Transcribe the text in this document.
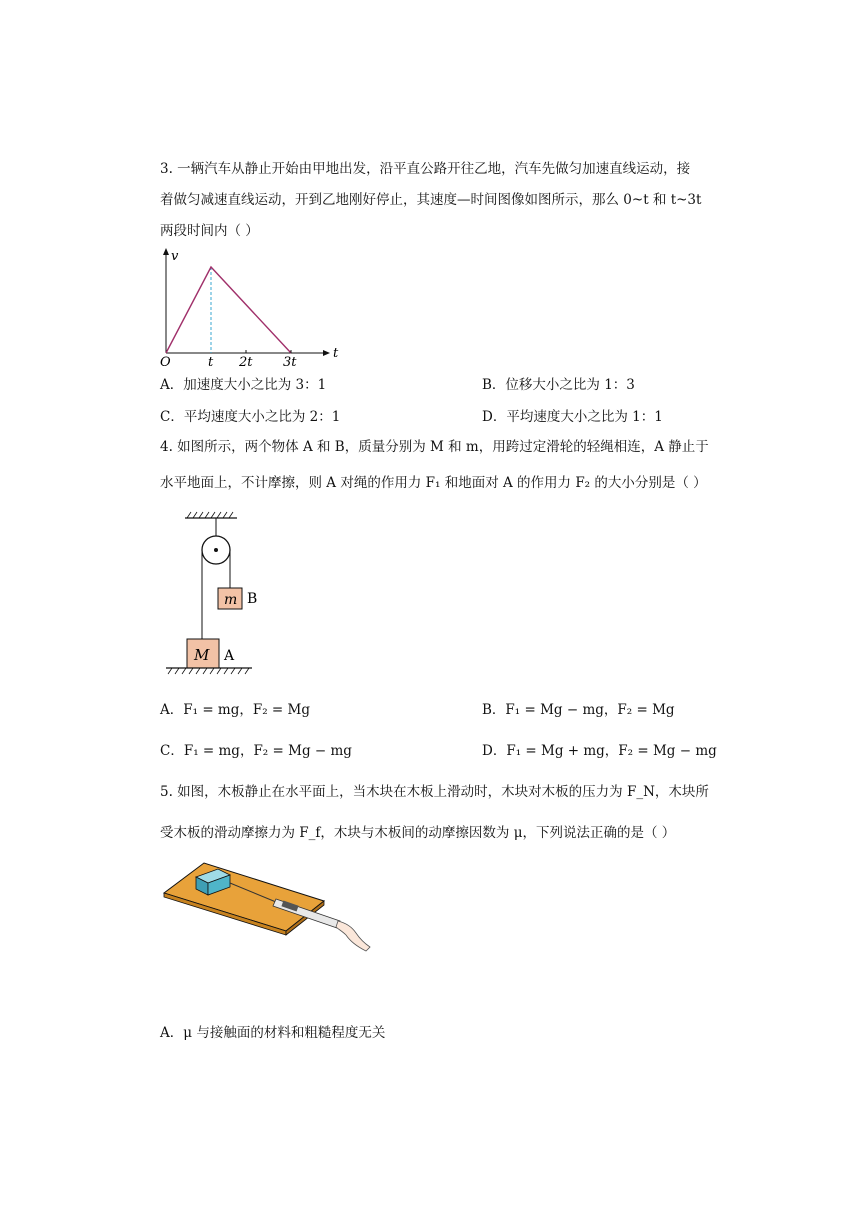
3. 一辆汽车从静止开始由甲地出发，沿平直公路开往乙地，汽车先做匀加速直线运动，接
着做匀减速直线运动，开到乙地刚好停止，其速度—时间图像如图所示，那么 0~t 和 t~3t
两段时间内（ ）
v
t
O	t 2t 3t
A．加速度大小之比为 3：1	B．位移大小之比为 1：3
C．平均速度大小之比为 2：1	D．平均速度大小之比为 1：1
4. 如图所示，两个物体 A 和 B，质量分别为 M 和 m，用跨过定滑轮的轻绳相连，A 静止于
水平地面上，不计摩擦，则 A 对绳的作用力 F₁ 和地面对 A 的作用力 F₂ 的大小分别是（ ）
m B
M A
A．F₁ = mg，F₂ = Mg	B．F₁ = Mg − mg，F₂ = Mg
C．F₁ = mg，F₂ = Mg − mg	D．F₁ = Mg + mg，F₂ = Mg − mg
5. 如图，木板静止在水平面上，当木块在木板上滑动时，木块对木板的压力为 F_N，木块所
受木板的滑动摩擦力为 F_f，木块与木板间的动摩擦因数为 μ，下列说法正确的是（ ）
A．μ 与接触面的材料和粗糙程度无关
